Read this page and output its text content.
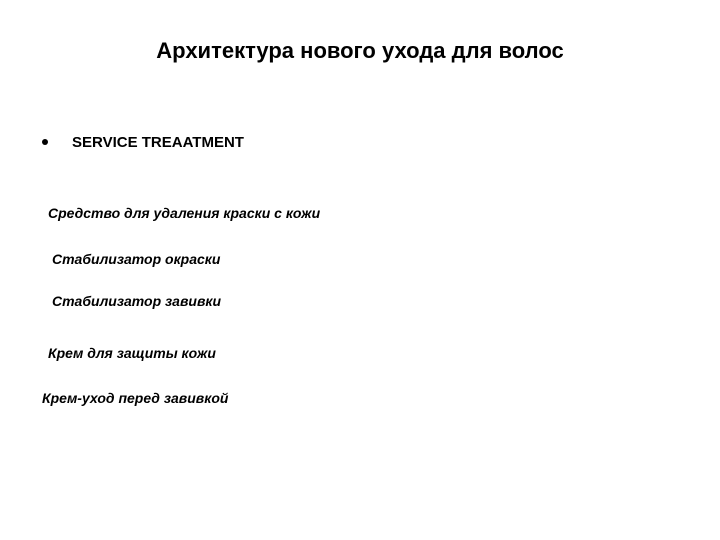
Архитектура нового ухода для волос
SERVICE TREAATMENT
Средство для удаления краски с кожи
Стабилизатор окраски
Стабилизатор завивки
Крем для защиты кожи
Крем-уход перед завивкой
